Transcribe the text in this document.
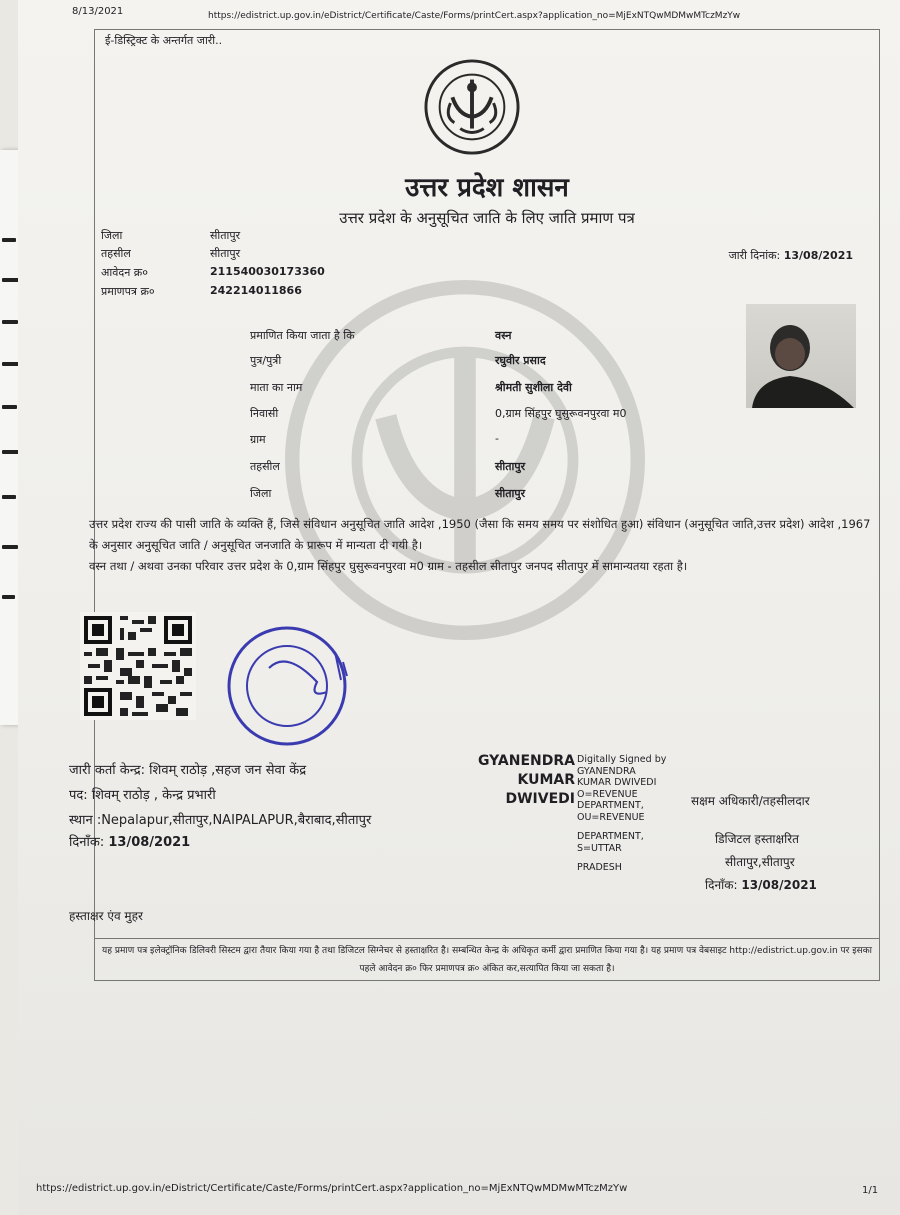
8/13/2021	https://edistrict.up.gov.in/eDistrict/Certificate/Caste/Forms/printCert.aspx?application_no=MjExNTQwMDMwMTczMzYw
ई-डिस्ट्रिक्ट के अन्तर्गत जारी..
उत्तर प्रदेश शासन
उत्तर प्रदेश के अनुसूचित जाति के लिए जाति प्रमाण पत्र
जिला	सीतापुर
तहसील	सीतापुर
आवेदन क्र०	211540030173360
प्रमाणपत्र क्र०	242214011866
जारी दिनांक: 13/08/2021
प्रमाणित किया जाता है कि	वस्न
पुत्र/पुत्री	रघुवीर प्रसाद
माता का नाम	श्रीमती सुशीला देवी
निवासी	0,ग्राम सिंहपुर घुसुरूवनपुरवा म0
ग्राम	-
तहसील	सीतापुर
जिला	सीतापुर
उत्तर प्रदेश राज्य की पासी जाति के व्यक्ति हैं, जिसे संविधान अनुसूचित जाति आदेश ,1950 (जैसा कि समय समय पर संशोधित हुआ) संविधान (अनुसूचित जाति,उत्तर प्रदेश) आदेश ,1967 के अनुसार अनुसूचित जाति / अनुसूचित जनजाति के प्रारूप में मान्यता दी गयी है।
वस्न तथा / अथवा उनका परिवार उत्तर प्रदेश के 0,ग्राम सिंहपुर घुसुरूवनपुरवा म0 ग्राम - तहसील सीतापुर जनपद सीतापुर में सामान्यतया रहता है।
जारी कर्ता केन्द्र: शिवम् राठोड़ ,सहज जन सेवा केंद्र
पद: शिवम् राठोड़ , केन्द्र प्रभारी
स्थान :Nepalapur,सीतापुर,NAIPALAPUR,बैराबाद,सीतापुर
दिनाँक: 13/08/2021
GYANENDRA
KUMAR
DWIVEDI
Digitally Signed by
GYANENDRA
KUMAR DWIVEDI
O=REVENUE
DEPARTMENT,
OU=REVENUE
DEPARTMENT,
S=UTTAR
PRADESH
सक्षम अधिकारी/तहसीलदार
डिजिटल हस्ताक्षरित
सीतापुर,सीतापुर
दिनाँक: 13/08/2021
हस्ताक्षर एंव मुहर
यह प्रमाण पत्र इलेक्ट्रॉनिक डिलिवरी सिस्टम द्वारा तैयार किया गया है तथा डिजिटल सिग्नेचर से हस्ताक्षरित है। सम्बन्धित केन्द्र के अधिकृत कर्मी द्वारा प्रमाणित किया गया है। यह प्रमाण पत्र वेबसाइट http://edistrict.up.gov.in पर इसका पहले आवेदन क्र० फिर प्रमाणपत्र क्र० अंकित कर,सत्यापित किया जा सकता है।
https://edistrict.up.gov.in/eDistrict/Certificate/Caste/Forms/printCert.aspx?application_no=MjExNTQwMDMwMTczMzYw	1/1
